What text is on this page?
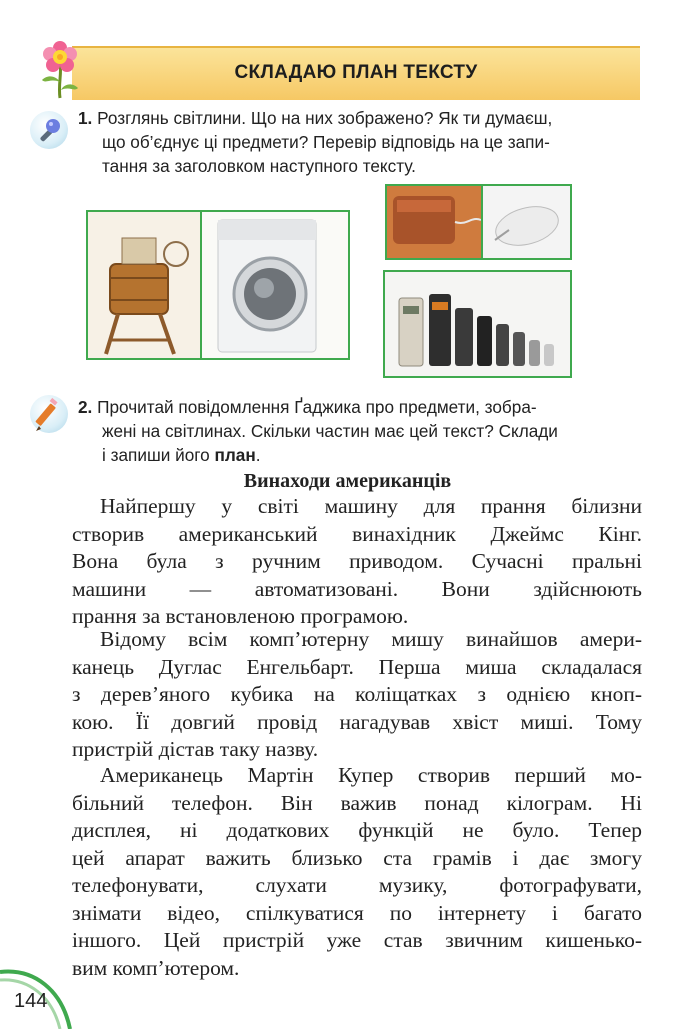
СКЛАДАЮ ПЛАН ТЕКСТУ
1. Розглянь світлини. Що на них зображено? Як ти думаєш,
що об’єднує ці предмети? Перевір відповідь на це запи-
тання за заголовком наступного тексту.
2. Прочитай повідомлення Ґаджика про предмети, зобра-
жені на світлинах. Скільки частин має цей текст? Склади
і запиши його план.
Винаходи американців
Найпершу у світі машину для прання білизни
створив американський винахідник Джеймс Кінг.
Вона була з ручним приводом. Сучасні пральні
машини — автоматизовані. Вони здійснюють
прання за встановленою програмою.
Відому всім комп’ютерну мишу винайшов амери-
канець Дуглас Енгельбарт. Перша миша складалася
з дерев’яного кубика на коліщатках з однією кноп-
кою. Її довгий провід нагадував хвіст миші. Тому
пристрій дістав таку назву.
Американець Мартін Купер створив перший мо-
більний телефон. Він важив понад кілограм. Ні
дисплея, ні додаткових функцій не було. Тепер
цей апарат важить близько ста грамів і дає змогу
телефонувати, слухати музику, фотографувати,
знімати відео, спілкуватися по інтернету і багато
іншого. Цей пристрій уже став звичним кишенько-
вим комп’ютером.
144
